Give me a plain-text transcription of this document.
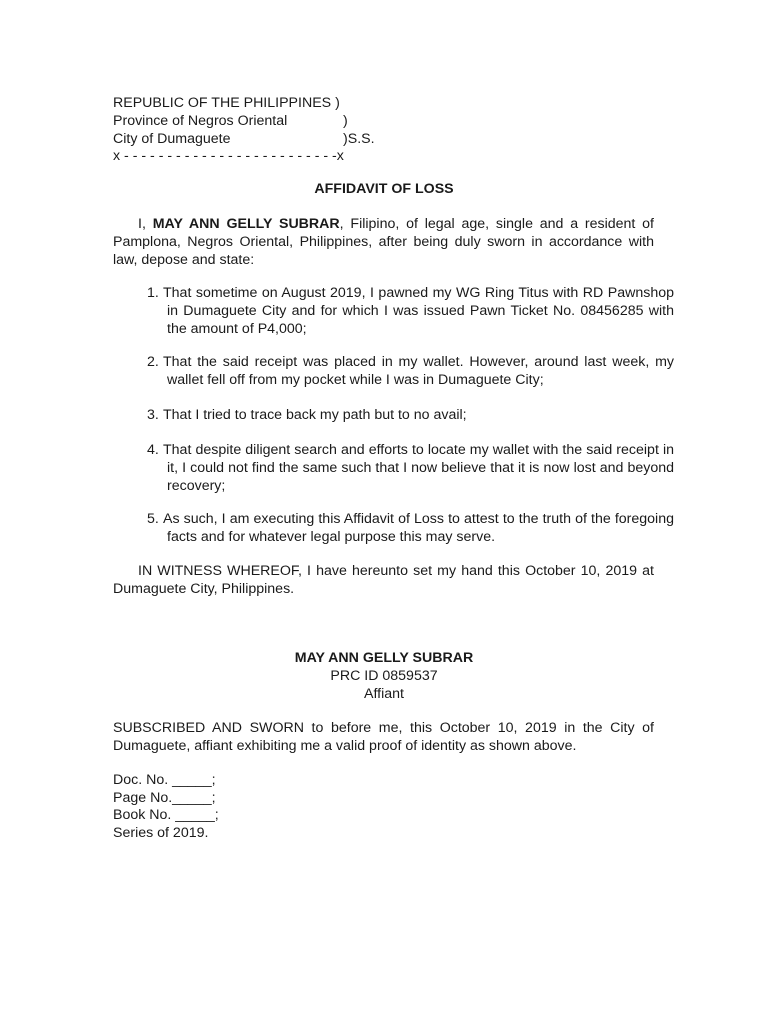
REPUBLIC OF THE PHILIPPINES )
Province of Negros Oriental	)
City of Dumaguete	)S.S.
x - - - - - - - - - - - - - - - - - - - - - - - - -x
AFFIDAVIT OF LOSS
I, MAY ANN GELLY SUBRAR, Filipino, of legal age, single and a resident of Pamplona, Negros Oriental, Philippines, after being duly sworn in accordance with law, depose and state:
1. That sometime on August 2019, I pawned my WG Ring Titus with RD Pawnshop in Dumaguete City and for which I was issued Pawn Ticket No. 08456285 with the amount of P4,000;
2. That the said receipt was placed in my wallet. However, around last week, my wallet fell off from my pocket while I was in Dumaguete City;
3. That I tried to trace back my path but to no avail;
4. That despite diligent search and efforts to locate my wallet with the said receipt in it, I could not find the same such that I now believe that it is now lost and beyond recovery;
5. As such, I am executing this Affidavit of Loss to attest to the truth of the foregoing facts and for whatever legal purpose this may serve.
IN WITNESS WHEREOF, I have hereunto set my hand this October 10, 2019 at Dumaguete City, Philippines.
MAY ANN GELLY SUBRAR
PRC ID 0859537
Affiant
SUBSCRIBED AND SWORN to before me, this October 10, 2019 in the City of Dumaguete, affiant exhibiting me a valid proof of identity as shown above.
Doc. No. _____;
Page No._____;
Book No. _____;
Series of 2019.
